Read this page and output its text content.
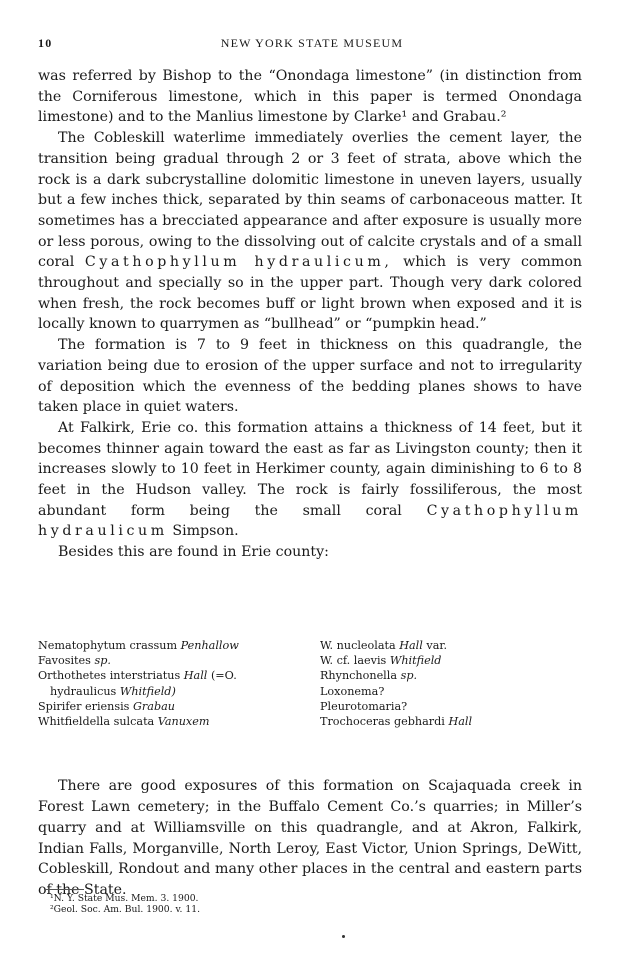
10	NEW YORK STATE MUSEUM

was referred by Bishop to the “Onondaga limestone” (in distinction from the Corniferous limestone, which in this paper is termed Onondaga limestone) and to the Manlius limestone by Clarke¹ and Grabau.²

The Cobleskill waterlime immediately overlies the cement layer, the transition being gradual through 2 or 3 feet of strata, above which the rock is a dark subcrystalline dolomitic limestone in uneven layers, usually but a few inches thick, separated by thin seams of carbonaceous matter. It sometimes has a brecciated appearance and after exposure is usually more or less porous, owing to the dissolving out of calcite crystals and of a small coral Cyathophyllum hydraulicum, which is very common throughout and specially so in the upper part. Though very dark colored when fresh, the rock becomes buff or light brown when exposed and it is locally known to quarrymen as “bullhead” or “pumpkin head.”

The formation is 7 to 9 feet in thickness on this quadrangle, the variation being due to erosion of the upper surface and not to irregularity of deposition which the evenness of the bedding planes shows to have taken place in quiet waters.

At Falkirk, Erie co. this formation attains a thickness of 14 feet, but it becomes thinner again toward the east as far as Livingston county; then it increases slowly to 10 feet in Herkimer county, again diminishing to 6 to 8 feet in the Hudson valley. The rock is fairly fossiliferous, the most abundant form being the small coral Cyathophyllum hydraulicum Simpson.

Besides this are found in Erie county:

Nematophytum crassum Penhallow
Favosites sp.
Orthothetes interstriatus Hall (=O.
hydraulicus Whitfield)
Spirifer eriensis Grabau
Whitfieldella sulcata Vanuxem
W. nucleolata Hall var.
W. cf. laevis Whitfield
Rhynchonella sp.
Loxonema?
Pleurotomaria?
Trochoceras gebhardi Hall

There are good exposures of this formation on Scajaquada creek in Forest Lawn cemetery; in the Buffalo Cement Co.’s quarries; in Miller’s quarry and at Williamsville on this quadrangle, and at Akron, Falkirk, Indian Falls, Morganville, North Leroy, East Victor, Union Springs, DeWitt, Cobleskill, Rondout and many other places in the central and eastern parts of the State.

¹N. Y. State Mus. Mem. 3. 1900.
²Geol. Soc. Am. Bul. 1900. v. 11.
